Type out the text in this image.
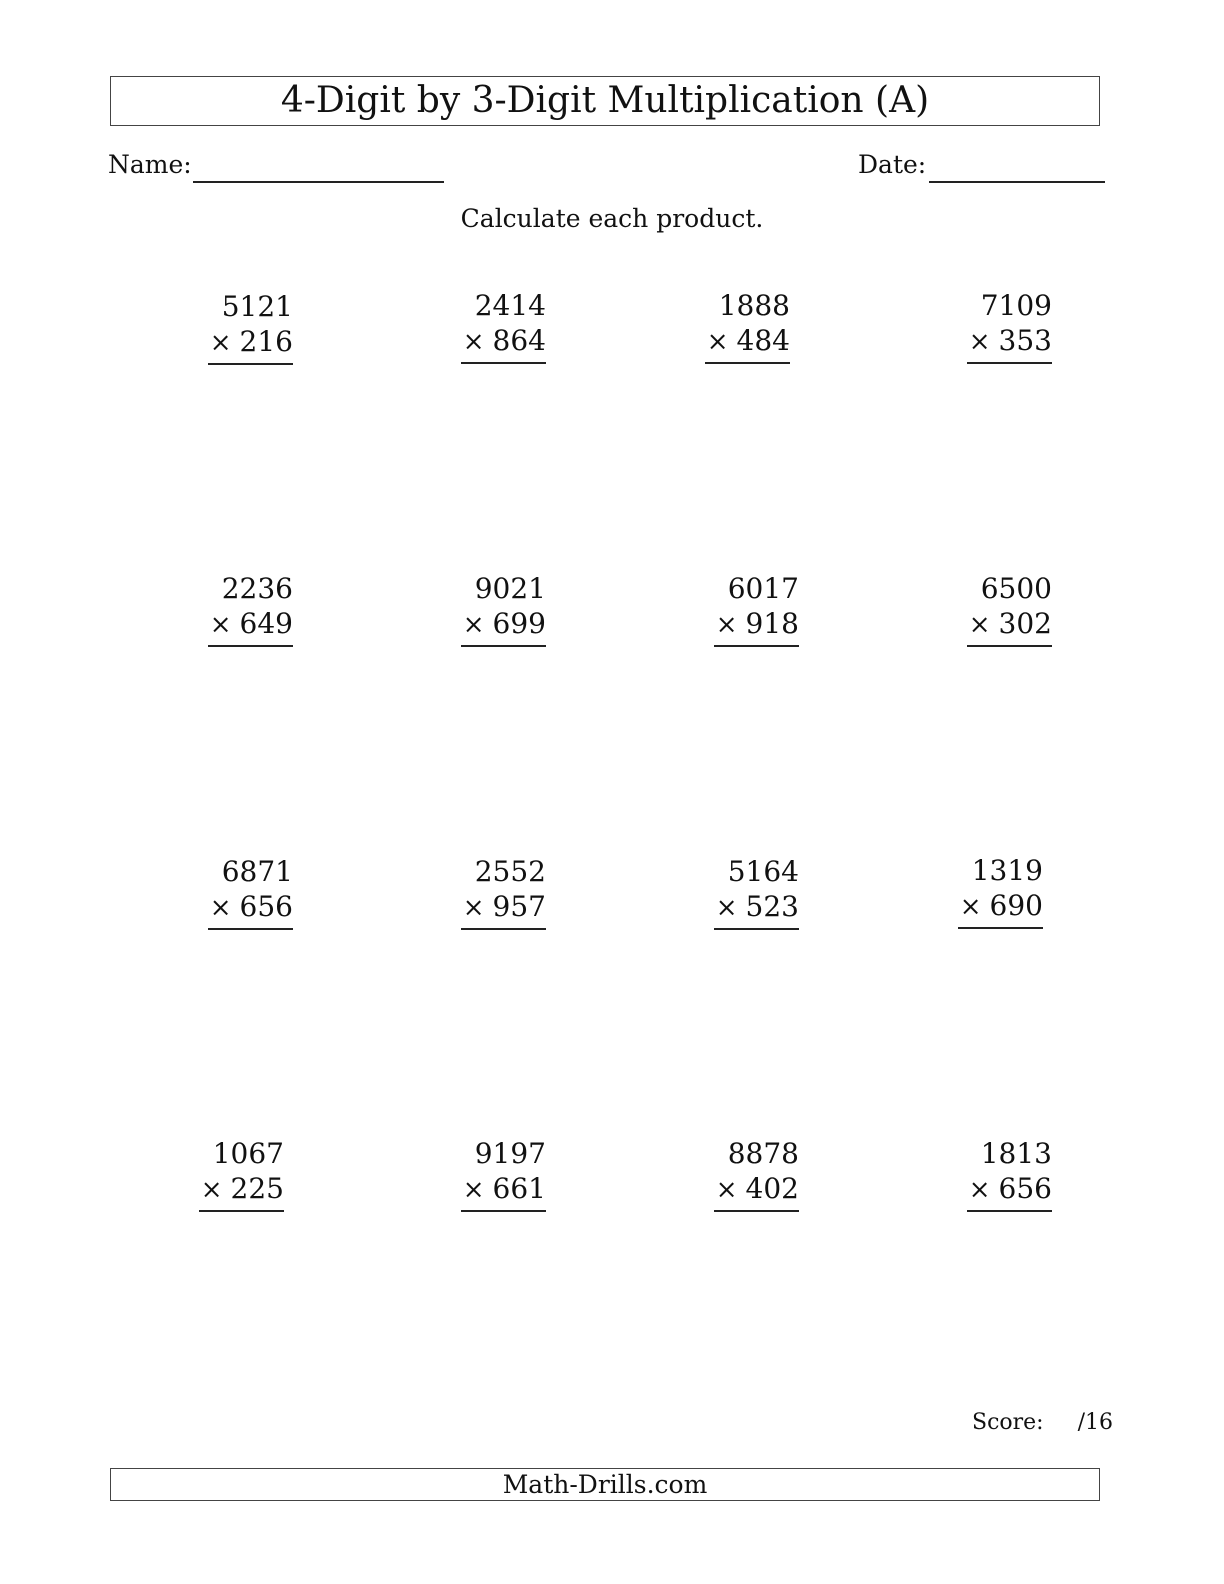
4-Digit by 3-Digit Multiplication (A)
Name:	Date:
Calculate each product.
5121
× 216
2414
× 864
1888
× 484
7109
× 353
2236
× 649
9021
× 699
6017
× 918
6500
× 302
6871
× 656
2552
× 957
5164
× 523
1319
× 690
1067
× 225
9197
× 661
8878
× 402
1813
× 656
Score: /16
Math-Drills.com
